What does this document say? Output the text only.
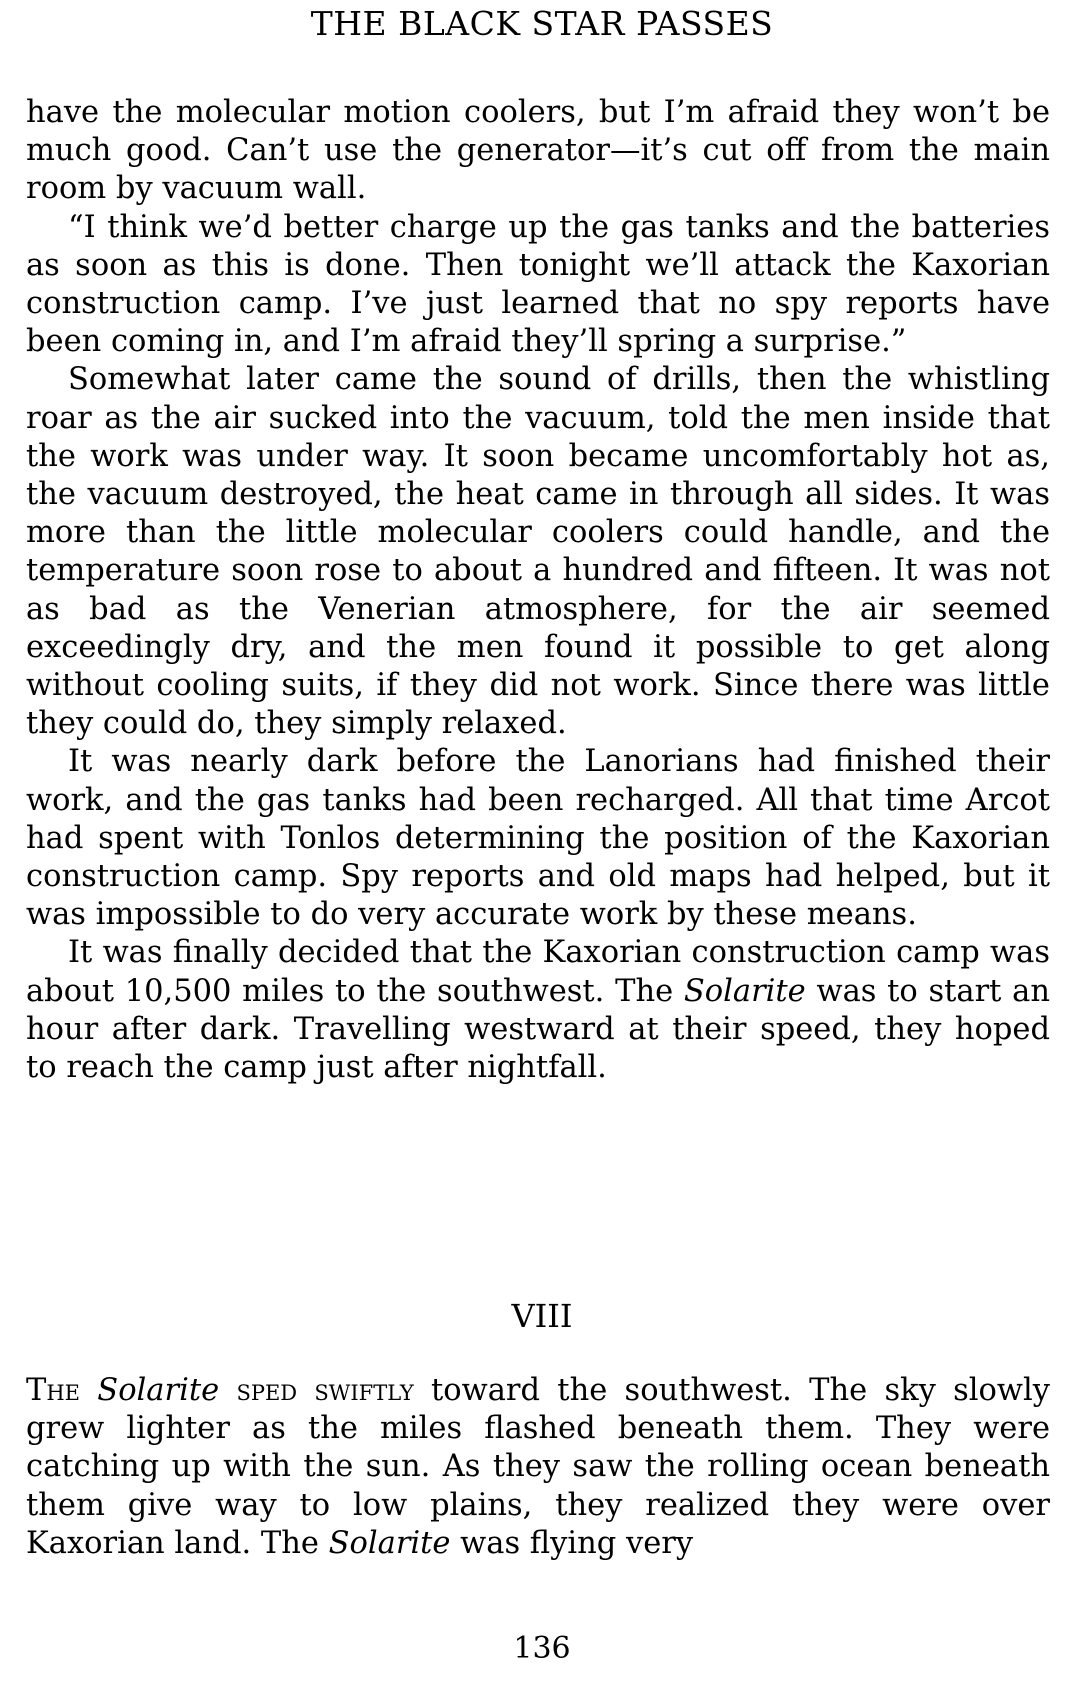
THE BLACK STAR PASSES

have the molecular motion coolers, but I’m afraid they won’t be much good. Can’t use the generator—it’s cut off from the main room by vacuum wall.

“I think we’d better charge up the gas tanks and the batteries as soon as this is done. Then tonight we’ll attack the Kaxorian construction camp. I’ve just learned that no spy reports have been coming in, and I’m afraid they’ll spring a surprise.”

Somewhat later came the sound of drills, then the whistling roar as the air sucked into the vacuum, told the men inside that the work was under way. It soon became uncomfortably hot as, the vacuum destroyed, the heat came in through all sides. It was more than the little molecular coolers could handle, and the temperature soon rose to about a hundred and fifteen. It was not as bad as the Venerian atmosphere, for the air seemed exceedingly dry, and the men found it possible to get along without cooling suits, if they did not work. Since there was little they could do, they simply relaxed.

It was nearly dark before the Lanorians had finished their work, and the gas tanks had been recharged. All that time Arcot had spent with Tonlos determining the position of the Kaxorian construction camp. Spy reports and old maps had helped, but it was impossible to do very accurate work by these means.

It was finally decided that the Kaxorian construction camp was about 10,500 miles to the southwest. The Solarite was to start an hour after dark. Travelling westward at their speed, they hoped to reach the camp just after nightfall.

VIII

The Solarite sped swiftly toward the southwest. The sky slowly grew lighter as the miles flashed beneath them. They were catching up with the sun. As they saw the rolling ocean beneath them give way to low plains, they realized they were over Kaxorian land. The Solarite was flying very

136
